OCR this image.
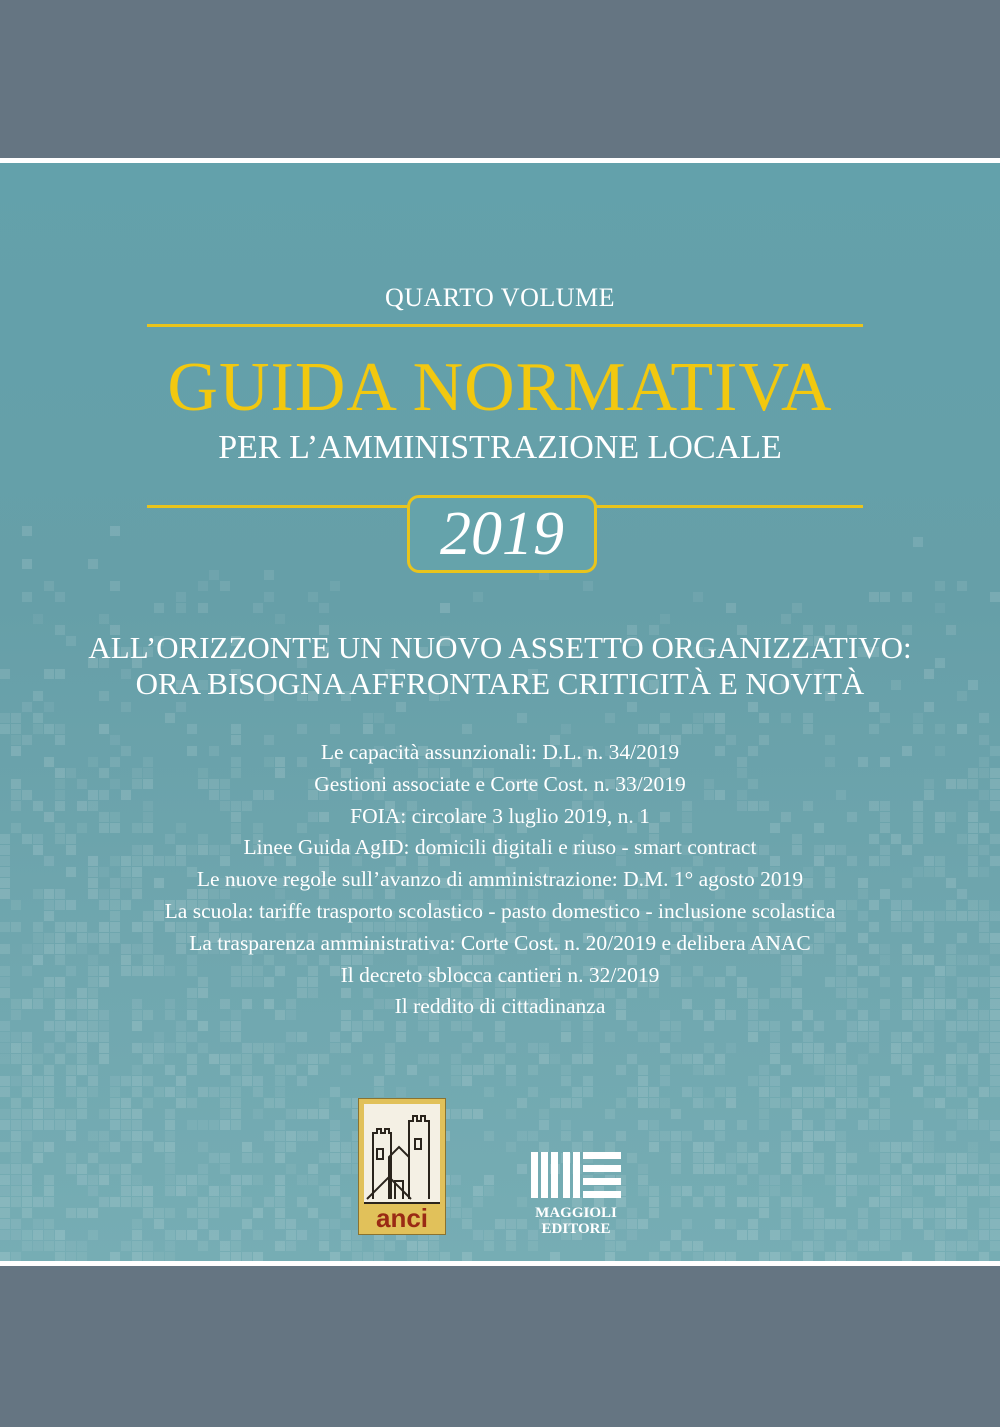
QUARTO VOLUME
GUIDA NORMATIVA
PER L’AMMINISTRAZIONE LOCALE
2019
ALL’ORIZZONTE UN NUOVO ASSETTO ORGANIZZATIVO:
ORA BISOGNA AFFRONTARE CRITICITÀ E NOVITÀ
Le capacità assunzionali: D.L. n. 34/2019
Gestioni associate e Corte Cost. n. 33/2019
FOIA: circolare 3 luglio 2019, n. 1
Linee Guida AgID: domicili digitali e riuso - smart contract
Le nuove regole sull’avanzo di amministrazione: D.M. 1° agosto 2019
La scuola: tariffe trasporto scolastico - pasto domestico - inclusione scolastica
La trasparenza amministrativa: Corte Cost. n. 20/2019 e delibera ANAC
Il decreto sblocca cantieri n. 32/2019
Il reddito di cittadinanza
anci	MAGGIOLI
EDITORE
